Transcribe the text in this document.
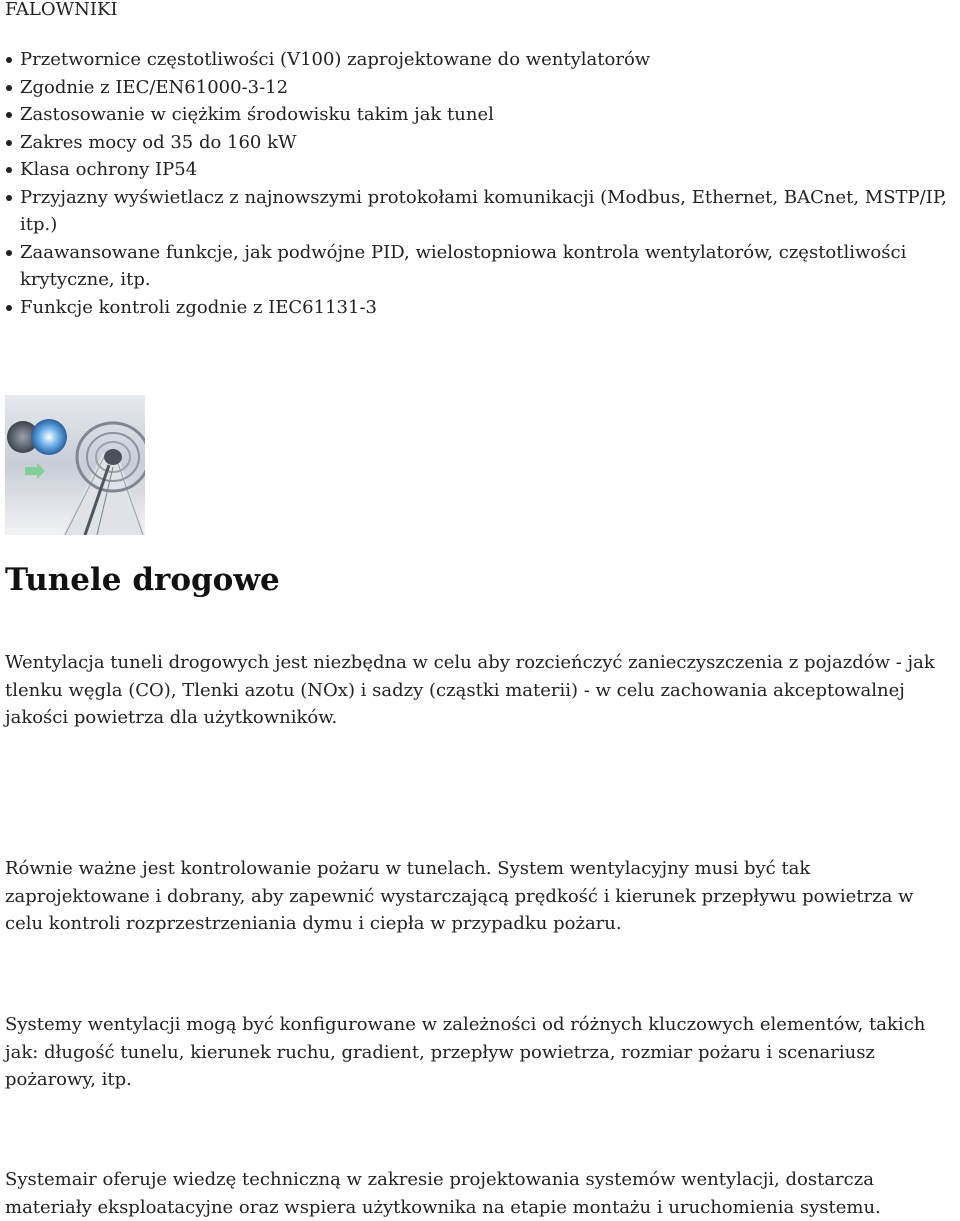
FALOWNIKI
Przetwornice częstotliwości (V100) zaprojektowane do wentylatorów
Zgodnie z IEC/EN61000-3-12
Zastosowanie w ciężkim środowisku takim jak tunel
Zakres mocy od 35 do 160 kW
Klasa ochrony IP54
Przyjazny wyświetlacz z najnowszymi protokołami komunikacji (Modbus, Ethernet, BACnet, MSTP/IP, itp.)
Zaawansowane funkcje, jak podwójne PID, wielostopniowa kontrola wentylatorów, częstotliwości krytyczne, itp.
Funkcje kontroli zgodnie z IEC61131-3
Tunele drogowe

Wentylacja tuneli drogowych jest niezbędna w celu aby rozcieńczyć zanieczyszczenia z pojazdów - jak tlenku węgla (CO), Tlenki azotu (NOx) i sadzy (cząstki materii) - w celu zachowania akceptowalnej jakości powietrza dla użytkowników.

Równie ważne jest kontrolowanie pożaru w tunelach. System wentylacyjny musi być tak zaprojektowane i dobrany, aby zapewnić wystarczającą prędkość i kierunek przepływu powietrza w celu kontroli rozprzestrzeniania dymu i ciepła w przypadku pożaru.

Systemy wentylacji mogą być konfigurowane w zależności od różnych kluczowych elementów, takich jak: długość tunelu, kierunek ruchu, gradient, przepływ powietrza, rozmiar pożaru i scenariusz pożarowy, itp.

Systemair oferuje wiedzę techniczną w zakresie projektowania systemów wentylacji, dostarcza materiały eksploatacyjne oraz wspiera użytkownika na etapie montażu i uruchomienia systemu.
